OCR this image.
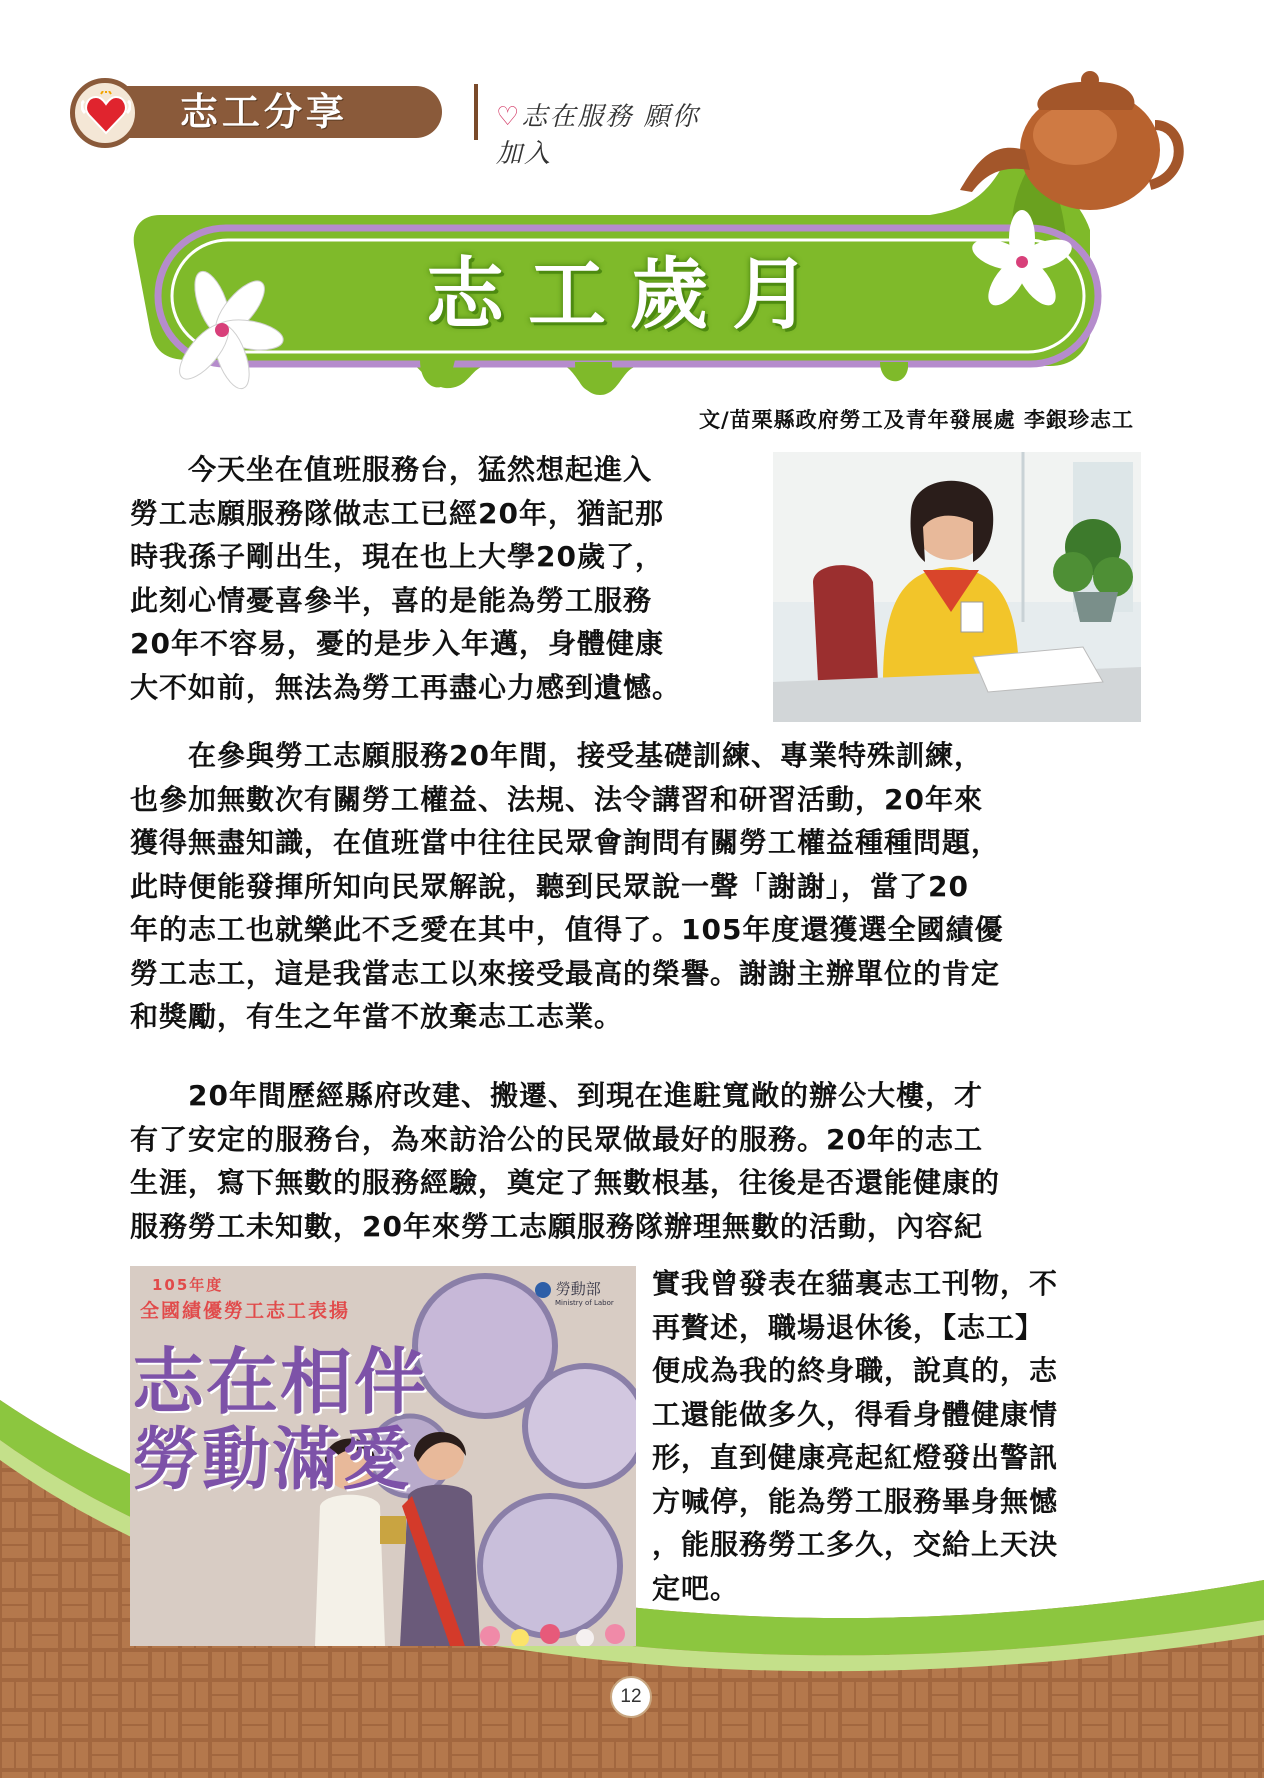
志工分享	♡志在服務 願你加入
志工歲月
文/苗栗縣政府勞工及青年發展處 李銀珍志工
　　今天坐在值班服務台，猛然想起進入
勞工志願服務隊做志工已經20年，猶記那
時我孫子剛出生，現在也上大學20歲了，
此刻心情憂喜參半，喜的是能為勞工服務
20年不容易，憂的是步入年邁，身體健康
大不如前，無法為勞工再盡心力感到遺憾。
　　在參與勞工志願服務20年間，接受基礎訓練、專業特殊訓練，
也參加無數次有關勞工權益、法規、法令講習和研習活動，20年來
獲得無盡知識，在值班當中往往民眾會詢問有關勞工權益種種問題，
此時便能發揮所知向民眾解說，聽到民眾說一聲「謝謝」，當了20
年的志工也就樂此不乏愛在其中，值得了。105年度還獲選全國績優
勞工志工，這是我當志工以來接受最高的榮譽。謝謝主辦單位的肯定
和獎勵，有生之年當不放棄志工志業。
　　20年間歷經縣府改建、搬遷、到現在進駐寬敞的辦公大樓，才
有了安定的服務台，為來訪洽公的民眾做最好的服務。20年的志工
生涯，寫下無數的服務經驗，奠定了無數根基，往後是否還能健康的
服務勞工未知數，20年來勞工志願服務隊辦理無數的活動，內容紀
105年度
全國績優勞工志工表揚
勞動部
Ministry of Labor
志在相伴
勞動滿愛
實我曾發表在貓裏志工刊物，不
再贅述，職場退休後，【志工】
便成為我的終身職，說真的，志
工還能做多久，得看身體健康情
形，直到健康亮起紅燈發出警訊
方喊停，能為勞工服務畢身無憾
，能服務勞工多久，交給上天決
定吧。
12
